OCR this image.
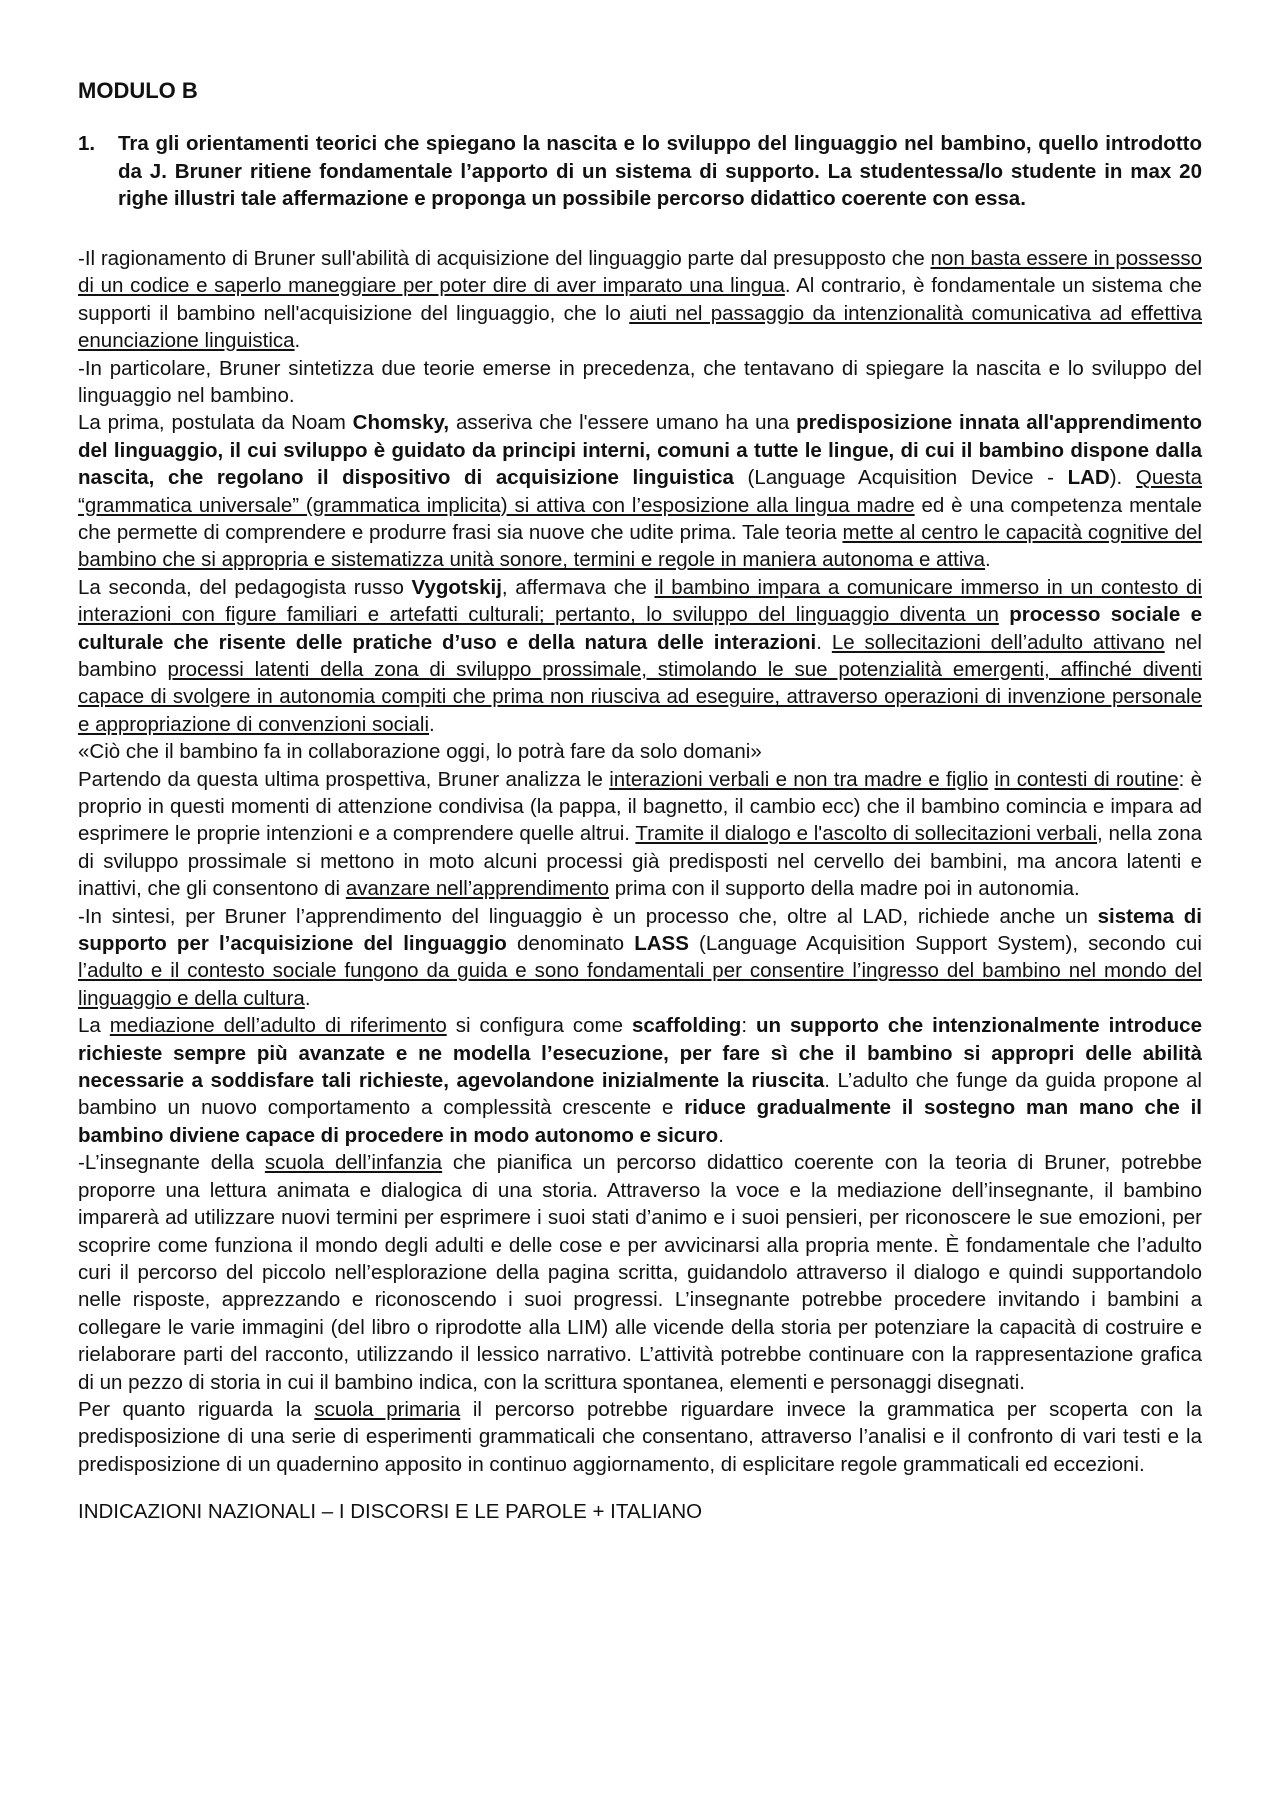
MODULO B
1.	Tra gli orientamenti teorici che spiegano la nascita e lo sviluppo del linguaggio nel bambino, quello introdotto da J. Bruner ritiene fondamentale l’apporto di un sistema di supporto. La studentessa/lo studente in max 20 righe illustri tale affermazione e proponga un possibile percorso didattico coerente con essa.

-Il ragionamento di Bruner sull'abilità di acquisizione del linguaggio parte dal presupposto che non basta essere in possesso di un codice e saperlo maneggiare per poter dire di aver imparato una lingua. Al contrario, è fondamentale un sistema che supporti il bambino nell'acquisizione del linguaggio, che lo aiuti nel passaggio da intenzionalità comunicativa ad effettiva enunciazione linguistica.

-In particolare, Bruner sintetizza due teorie emerse in precedenza, che tentavano di spiegare la nascita e lo sviluppo del linguaggio nel bambino.

La prima, postulata da Noam Chomsky, asseriva che l'essere umano ha una predisposizione innata all'apprendimento del linguaggio, il cui sviluppo è guidato da principi interni, comuni a tutte le lingue, di cui il bambino dispone dalla nascita, che regolano il dispositivo di acquisizione linguistica (Language Acquisition Device - LAD). Questa “grammatica universale” (grammatica implicita) si attiva con l’esposizione alla lingua madre ed è una competenza mentale che permette di comprendere e produrre frasi sia nuove che udite prima. Tale teoria mette al centro le capacità cognitive del bambino che si appropria e sistematizza unità sonore, termini e regole in maniera autonoma e attiva.

La seconda, del pedagogista russo Vygotskij, affermava che il bambino impara a comunicare immerso in un contesto di interazioni con figure familiari e artefatti culturali; pertanto, lo sviluppo del linguaggio diventa un processo sociale e culturale che risente delle pratiche d’uso e della natura delle interazioni. Le sollecitazioni dell’adulto attivano nel bambino processi latenti della zona di sviluppo prossimale, stimolando le sue potenzialità emergenti, affinché diventi capace di svolgere in autonomia compiti che prima non riusciva ad eseguire, attraverso operazioni di invenzione personale e appropriazione di convenzioni sociali.

«Ciò che il bambino fa in collaborazione oggi, lo potrà fare da solo domani»

Partendo da questa ultima prospettiva, Bruner analizza le interazioni verbali e non tra madre e figlio in contesti di routine: è proprio in questi momenti di attenzione condivisa (la pappa, il bagnetto, il cambio ecc) che il bambino comincia e impara ad esprimere le proprie intenzioni e a comprendere quelle altrui. Tramite il dialogo e l'ascolto di sollecitazioni verbali, nella zona di sviluppo prossimale si mettono in moto alcuni processi già predisposti nel cervello dei bambini, ma ancora latenti e inattivi, che gli consentono di avanzare nell’apprendimento prima con il supporto della madre poi in autonomia.

-In sintesi, per Bruner l’apprendimento del linguaggio è un processo che, oltre al LAD, richiede anche un sistema di supporto per l’acquisizione del linguaggio denominato LASS (Language Acquisition Support System), secondo cui l’adulto e il contesto sociale fungono da guida e sono fondamentali per consentire l’ingresso del bambino nel mondo del linguaggio e della cultura.

La mediazione dell’adulto di riferimento si configura come scaffolding: un supporto che intenzionalmente introduce richieste sempre più avanzate e ne modella l’esecuzione, per fare sì che il bambino si appropri delle abilità necessarie a soddisfare tali richieste, agevolandone inizialmente la riuscita. L’adulto che funge da guida propone al bambino un nuovo comportamento a complessità crescente e riduce gradualmente il sostegno man mano che il bambino diviene capace di procedere in modo autonomo e sicuro.

-L’insegnante della scuola dell’infanzia che pianifica un percorso didattico coerente con la teoria di Bruner, potrebbe proporre una lettura animata e dialogica di una storia. Attraverso la voce e la mediazione dell’insegnante, il bambino imparerà ad utilizzare nuovi termini per esprimere i suoi stati d’animo e i suoi pensieri, per riconoscere le sue emozioni, per scoprire come funziona il mondo degli adulti e delle cose e per avvicinarsi alla propria mente. È fondamentale che l’adulto curi il percorso del piccolo nell’esplorazione della pagina scritta, guidandolo attraverso il dialogo e quindi supportandolo nelle risposte, apprezzando e riconoscendo i suoi progressi. L’insegnante potrebbe procedere invitando i bambini a collegare le varie immagini (del libro o riprodotte alla LIM) alle vicende della storia per potenziare la capacità di costruire e rielaborare parti del racconto, utilizzando il lessico narrativo. L’attività potrebbe continuare con la rappresentazione grafica di un pezzo di storia in cui il bambino indica, con la scrittura spontanea, elementi e personaggi disegnati.

Per quanto riguarda la scuola primaria il percorso potrebbe riguardare invece la grammatica per scoperta con la predisposizione di una serie di esperimenti grammaticali che consentano, attraverso l’analisi e il confronto di vari testi e la predisposizione di un quadernino apposito in continuo aggiornamento, di esplicitare regole grammaticali ed eccezioni.

INDICAZIONI NAZIONALI – I DISCORSI E LE PAROLE + ITALIANO
